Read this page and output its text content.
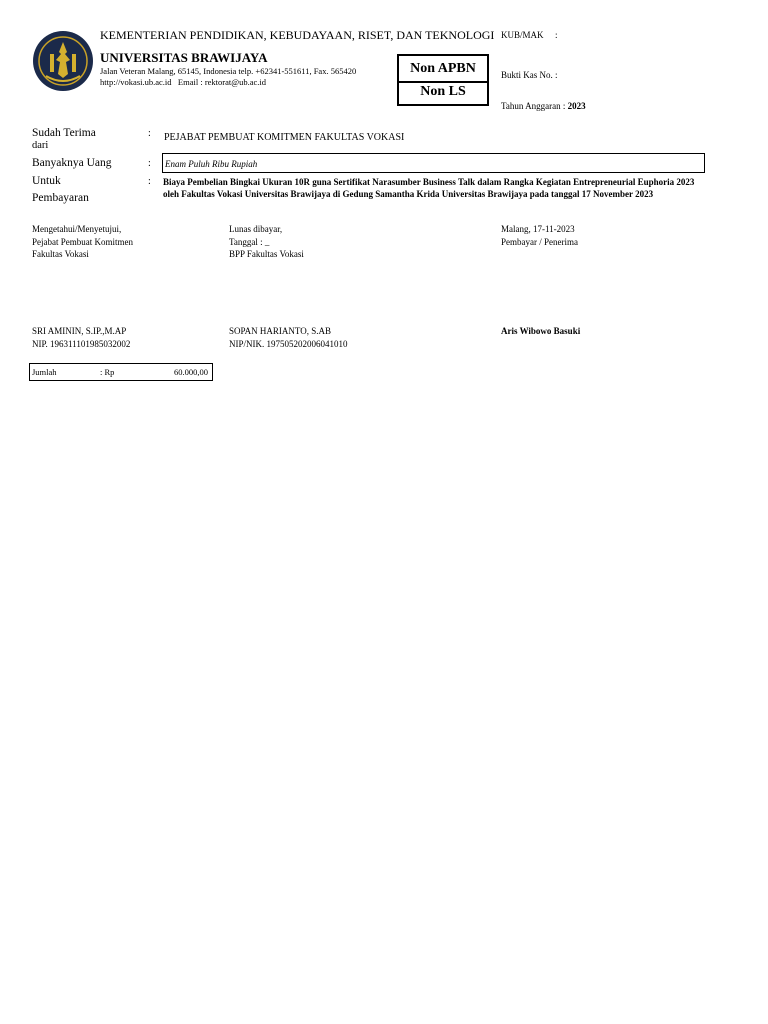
KEMENTERIAN PENDIDIKAN, KEBUDAYAAN, RISET, DAN TEKNOLOGI
UNIVERSITAS BRAWIJAYA
Jalan Veteran Malang, 65145, Indonesia telp. +62341-551611, Fax. 565420
http://vokasi.ub.ac.id Email : rektorat@ub.ac.id
Non APBN
Non LS
KUB/MAK :
Bukti Kas No. :
Tahun Anggaran : 2023
Sudah Terima
dari
: PEJABAT PEMBUAT KOMITMEN FAKULTAS VOKASI
Banyaknya Uang	:	Enam Puluh Ribu Rupiah
Untuk
Pembayaran
: Biaya Pembelian Bingkai Ukuran 10R guna Sertifikat Narasumber Business Talk dalam Rangka Kegiatan Entrepreneurial Euphoria 2023 oleh Fakultas Vokasi Universitas Brawijaya di Gedung Samantha Krida Universitas Brawijaya pada tanggal 17 November 2023
Mengetahui/Menyetujui,
Pejabat Pembuat Komitmen
Fakultas Vokasi
SRI AMININ, S.IP.,M.AP
NIP. 196311101985032002
Lunas dibayar,
Tanggal : _
BPP Fakultas Vokasi
SOPAN HARIANTO, S.AB
NIP/NIK. 197505202006041010
Malang, 17-11-2023
Pembayar / Penerima
Aris Wibowo Basuki
Jumlah	: Rp	60.000,00
